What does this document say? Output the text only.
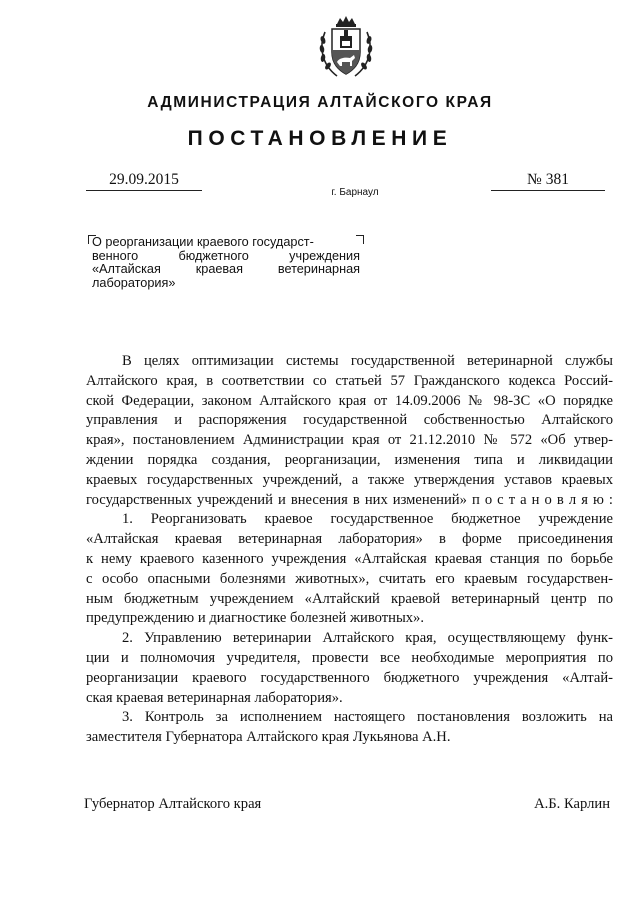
АДМИНИСТРАЦИЯ АЛТАЙСКОГО КРАЯ
ПОСТАНОВЛЕНИЕ
29.09.2015
г. Барнаул
№ 381
О реорганизации краевого государст-
венного бюджетного учреждения
«Алтайская краевая ветеринарная
лаборатория»
В целях оптимизации системы государственной ветеринарной службы
Алтайского края, в соответствии со статьей 57 Гражданского кодекса Россий-
ской Федерации, законом Алтайского края от 14.09.2006 № 98-ЗС «О порядке
управления и распоряжения государственной собственностью Алтайского
края», постановлением Администрации края от 21.12.2010 № 572 «Об утвер-
ждении порядка создания, реорганизации, изменения типа и ликвидации
краевых государственных учреждений, а также утверждения уставов краевых
государственных учреждений и внесения в них изменений» п о с т а н о в л я ю :
1. Реорганизовать краевое государственное бюджетное учреждение
«Алтайская краевая ветеринарная лаборатория» в форме присоединения
к нему краевого казенного учреждения «Алтайская краевая станция по борьбе
с особо опасными болезнями животных», считать его краевым государствен-
ным бюджетным учреждением «Алтайский краевой ветеринарный центр по
предупреждению и диагностике болезней животных».
2. Управлению ветеринарии Алтайского края, осуществляющему функ-
ции и полномочия учредителя, провести все необходимые мероприятия по
реорганизации краевого государственного бюджетного учреждения «Алтай-
ская краевая ветеринарная лаборатория».
3. Контроль за исполнением настоящего постановления возложить на
заместителя Губернатора Алтайского края Лукьянова А.Н.
Губернатор Алтайского края	А.Б. Карлин
